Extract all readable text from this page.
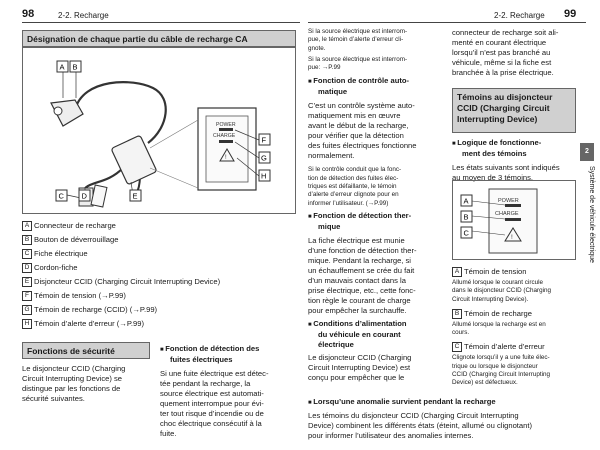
98	2-2. Recharge	2-2. Recharge 99
Désignation de chaque partie du câble de recharge CA
POWER
CHARGE
!
A B
C D	E
F
G
H
A Connecteur de recharge
B Bouton de déverrouillage
C Fiche électrique
D Cordon-fiche
E Disjoncteur CCID (Charging Circuit Interrupting Device)
F Témoin de tension (→P.99)
G Témoin de recharge (CCID) (→P.99)
H Témoin d’alerte d’erreur (→P.99)
Fonctions de sécurité

Le disjoncteur CCID (Charging

Circuit Interrupting Device) se

distingue par les fonctions de

sécurité suivantes.

■ Fonction de détection des

fuites électriques

Si une fuite électrique est détec-

tée pendant la recharge, la

source électrique est automati-

quement interrompue pour évi-

ter tout risque d’incendie ou de

choc électrique consécutif à la

fuite.

Si la source électrique est interrom-

pue, le témoin d’alerte d’erreur cli-

gnote.

Si la source électrique est interrom-

pue: →P.99

■ Fonction de contrôle auto-

matique

C’est un contrôle système auto-

matiquement mis en œuvre

avant le début de la recharge,

pour vérifier que la détection

des fuites électriques fonctionne

normalement.

Si le contrôle conduit que la fonc-

tion de détection des fuites élec-

triques est défaillante, le témoin

d’alerte d’erreur clignote pour en

informer l’utilisateur. (→P.99)

■ Fonction de détection ther-

mique

La fiche électrique est munie

d’une fonction de détection ther-

mique. Pendant la recharge, si

un échauffement se crée du fait

d’un mauvais contact dans la

prise électrique, etc., cette fonc-

tion règle le courant de charge

pour empêcher la surchauffe.

■ Conditions d’alimentation

du véhicule en courant

électrique

Le disjoncteur CCID (Charging

Circuit Interrupting Device) est

conçu pour empêcher que le

connecteur de recharge soit ali-

menté en courant électrique

lorsqu’il n’est pas branché au

véhicule, même si la fiche est

branchée à la prise électrique.

Témoins au disjoncteur
CCID (Charging Circuit
Interrupting Device)

■ Logique de fonctionne-

ment des témoins

Les états suivants sont indiqués

au moyen de 3 témoins.

POWER
CHARGE
!
A
B
C
A Témoin de tension

Allumé lorsque le courant circule

dans le disjoncteur CCID (Charging

Circuit Interrupting Device).

B Témoin de recharge

Allumé lorsque la recharge est en

cours.

C Témoin d’alerte d’erreur

Clignote lorsqu’il y a une fuite élec-

trique ou lorsque le disjoncteur

CCID (Charging Circuit Interrupting

Device) est défectueux.

2
Système de véhicule électrique

■ Lorsqu’une anomalie survient pendant la recharge

Les témoins du disjoncteur CCID (Charging Circuit Interrupting

Device) combinent les différents états (éteint, allumé ou clignotant)

pour informer l’utilisateur des anomalies internes.
